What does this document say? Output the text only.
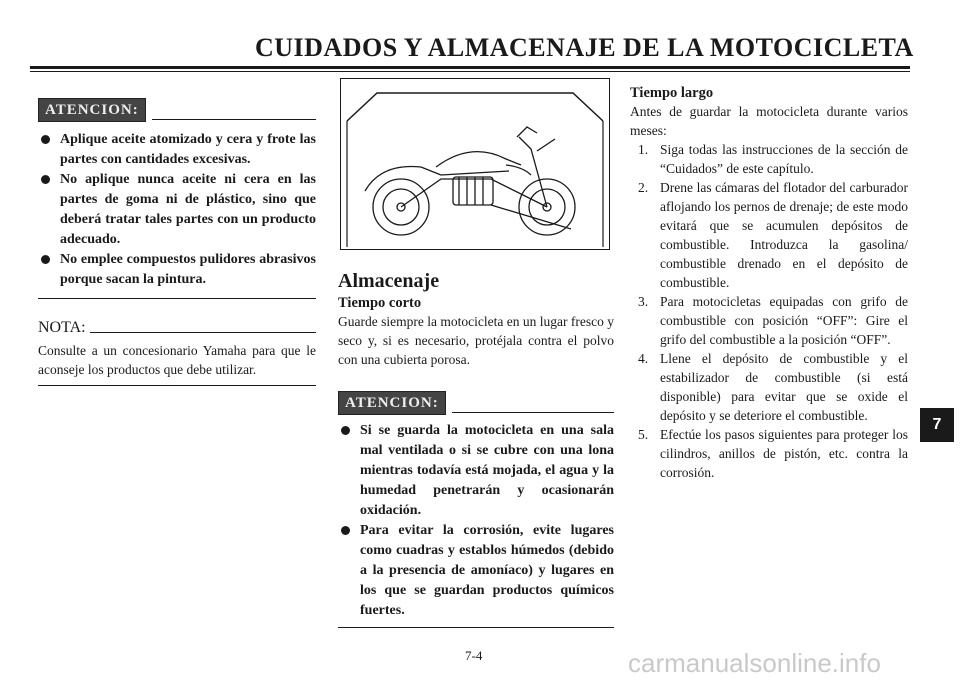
CUIDADOS Y ALMACENAJE DE LA MOTOCICLETA
ATENCION:
Aplique aceite atomizado y cera y frote las partes con cantidades excesivas.
No aplique nunca aceite ni cera en las partes de goma ni de plástico, sino que deberá tratar tales partes con un producto adecuado.
No emplee compuestos pulidores abrasivos porque sacan la pintura.
NOTA:
Consulte a un concesionario Yamaha para que le aconseje los productos que debe utilizar.
Almacenaje
Tiempo corto
Guarde siempre la motocicleta en un lugar fresco y seco y, si es necesario, protéjala contra el polvo con una cubierta porosa.
ATENCION:
Si se guarda la motocicleta en una sala mal ventilada o si se cubre con una lona mientras todavía está mojada, el agua y la humedad penetrarán y ocasionarán oxidación.
Para evitar la corrosión, evite lugares como cuadras y establos húmedos (debido a la presencia de amoníaco) y lugares en los que se guardan productos químicos fuertes.
Tiempo largo
Antes de guardar la motocicleta durante varios meses:
1. Siga todas las instrucciones de la sección de “Cuidados” de este capítulo.
2. Drene las cámaras del flotador del carburador aflojando los pernos de drenaje; de este modo evitará que se acumulen depósitos de combustible. Introduzca la gasolina/ combustible drenado en el depósito de combustible.
3. Para motocicletas equipadas con grifo de combustible con posición “OFF”: Gire el grifo del combustible a la posición “OFF”.
4. Llene el depósito de combustible y el estabilizador de combustible (si está disponible) para evitar que se oxide el depósito y se deteriore el combustible.
5. Efectúe los pasos siguientes para proteger los cilindros, anillos de pistón, etc. contra la corrosión.
7
7-4	carmanualsonline.info
